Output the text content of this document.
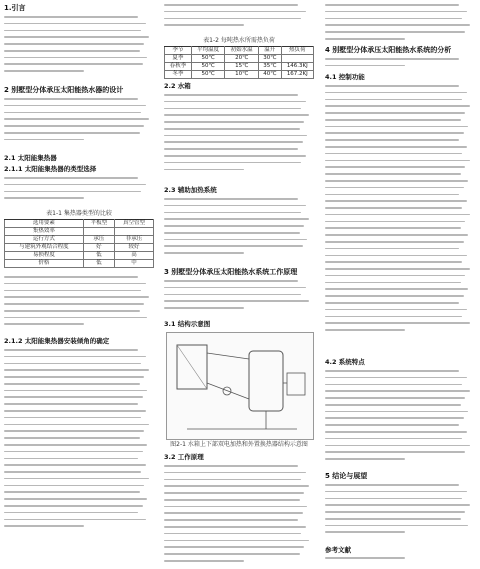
1.引言
2 别墅型分体承压太阳能热水器的设计
2.1 太阳能集热器
2.1.1 太阳能集热器的类型选择
表1-1 集热器类型的比较
选用要素	平板型	真空管型
集热效率		
运行方式	承压	非承压
与建筑外观结合程度	好	较好
易损程度	低	高
价格	低	中
2.1.2 太阳能集热器安装倾角的确定
表1-2 每吨热水所需热负荷
季节	平均温度	初始水温	温升	热负荷
夏季	50℃	20℃	30℃	
春秋季	50℃	15℃	35℃	146.3KJ
冬季	50℃	10℃	40℃	167.2KJ
2.2 水箱
2.3 辅助加热系统
3 别墅型分体承压太阳能热水系统工作原理
3.1 结构示意图
图2-1 水箱上下部双电加热和外置换热器结构示意图
3.2 工作原理
4 别墅型分体承压太阳能热水系统的分析
4.1 控制功能
4.2 系统特点
5 结论与展望
参考文献
